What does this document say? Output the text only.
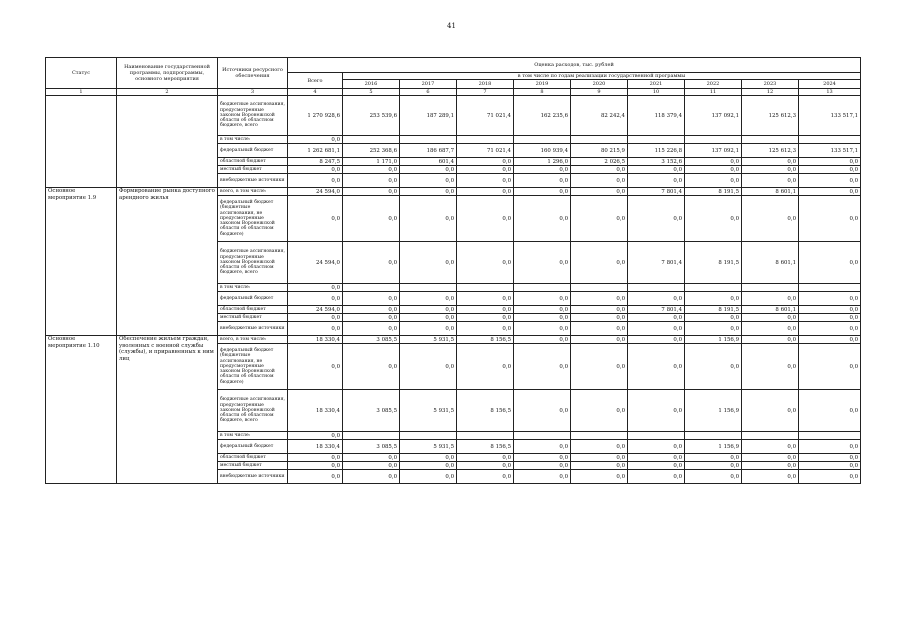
41
Статус	Наименование государственной программы, подпрограммы, основного мероприятия	Источники ресурсного обеспечения	Оценка расходов, тыс. рублей									
			Всего	в том числе по годам реализации государственной программы								
				2016	2017	2018	2019	2020	2021	2022	2023	2024
1	2	3	4	5	6	7	8	9	10	11	12	13
		бюджетные ассигнования, предусмотренные законом Воронежской области об областном бюджете, всего	1 270 928,6	253 539,6	187 289,1	71 021,4	162 235,6	82 242,4	118 379,4	137 092,1	125 612,3	133 517,1
		в том числе:	0,0									
		федеральный бюджет	1 262 681,1	252 368,6	186 687,7	71 021,4	160 939,4	80 215,9	115 226,8	137 092,1	125 612,3	133 517,1
		областной бюджет	8 247,5	1 171,0	601,4	0,0	1 296,0	2 026,5	3 152,6	0,0	0,0	0,0
		местный бюджет	0,0	0,0	0,0	0,0	0,0	0,0	0,0	0,0	0,0	0,0
		внебюджетные источники	0,0	0,0	0,0	0,0	0,0	0,0	0,0	0,0	0,0	0,0
Основное мероприятие 1.9	Формирование рынка доступного арендного жилья	всего, в том числе:	24 594,0	0,0	0,0	0,0	0,0	0,0	7 801,4	8 191,5	8 601,1	0,0
		федеральный бюджет (бюджетные ассигнования, не предусмотренные законом Воронежской области об областном бюджете)	0,0	0,0	0,0	0,0	0,0	0,0	0,0	0,0	0,0	0,0
		бюджетные ассигнования, предусмотренные законом Воронежской области об областном бюджете, всего	24 594,0	0,0	0,0	0,0	0,0	0,0	7 801,4	8 191,5	8 601,1	0,0
		в том числе:	0,0									
		федеральный бюджет	0,0	0,0	0,0	0,0	0,0	0,0	0,0	0,0	0,0	0,0
		областной бюджет	24 594,0	0,0	0,0	0,0	0,0	0,0	7 801,4	8 191,5	8 601,1	0,0
		местный бюджет	0,0	0,0	0,0	0,0	0,0	0,0	0,0	0,0	0,0	0,0
		внебюджетные источники	0,0	0,0	0,0	0,0	0,0	0,0	0,0	0,0	0,0	0,0
Основное мероприятие 1.10	Обеспечение жильем граждан, уволенных с военной службы (службы), и приравненных к ним лиц	всего, в том числе:	18 330,4	3 085,5	5 931,5	8 156,5	0,0	0,0	0,0	1 156,9	0,0	0,0
		федеральный бюджет (бюджетные ассигнования, не предусмотренные законом Воронежской области об областном бюджете)	0,0	0,0	0,0	0,0	0,0	0,0	0,0	0,0	0,0	0,0
		бюджетные ассигнования, предусмотренные законом Воронежской области об областном бюджете, всего	18 330,4	3 085,5	5 931,5	8 156,5	0,0	0,0	0,0	1 156,9	0,0	0,0
		в том числе:	0,0									
		федеральный бюджет	18 330,4	3 085,5	5 931,5	8 156,5	0,0	0,0	0,0	1 156,9	0,0	0,0
		областной бюджет	0,0	0,0	0,0	0,0	0,0	0,0	0,0	0,0	0,0	0,0
		местный бюджет	0,0	0,0	0,0	0,0	0,0	0,0	0,0	0,0	0,0	0,0
		внебюджетные источники	0,0	0,0	0,0	0,0	0,0	0,0	0,0	0,0	0,0	0,0
